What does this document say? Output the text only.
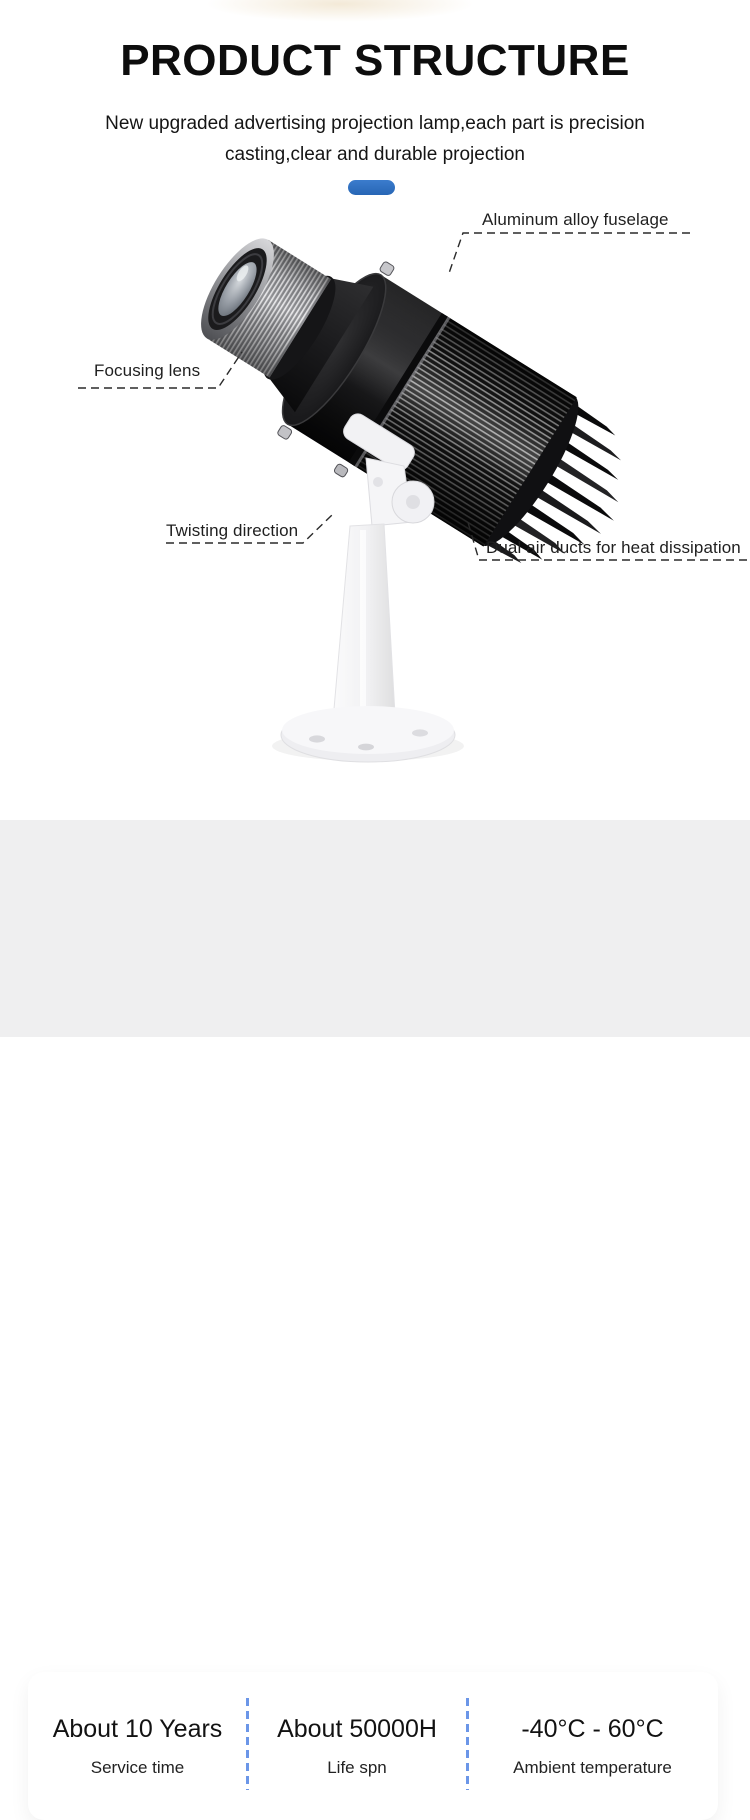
PRODUCT STRUCTURE
New upgraded advertising projection lamp,each part is precision
casting,clear and durable projection
Aluminum alloy fuselage
Focusing lens
Twisting direction
Dual air ducts for heat dissipation
About 10 Years
Service time
About 50000H
Life spn
-40°C - 60°C
Ambient temperature
